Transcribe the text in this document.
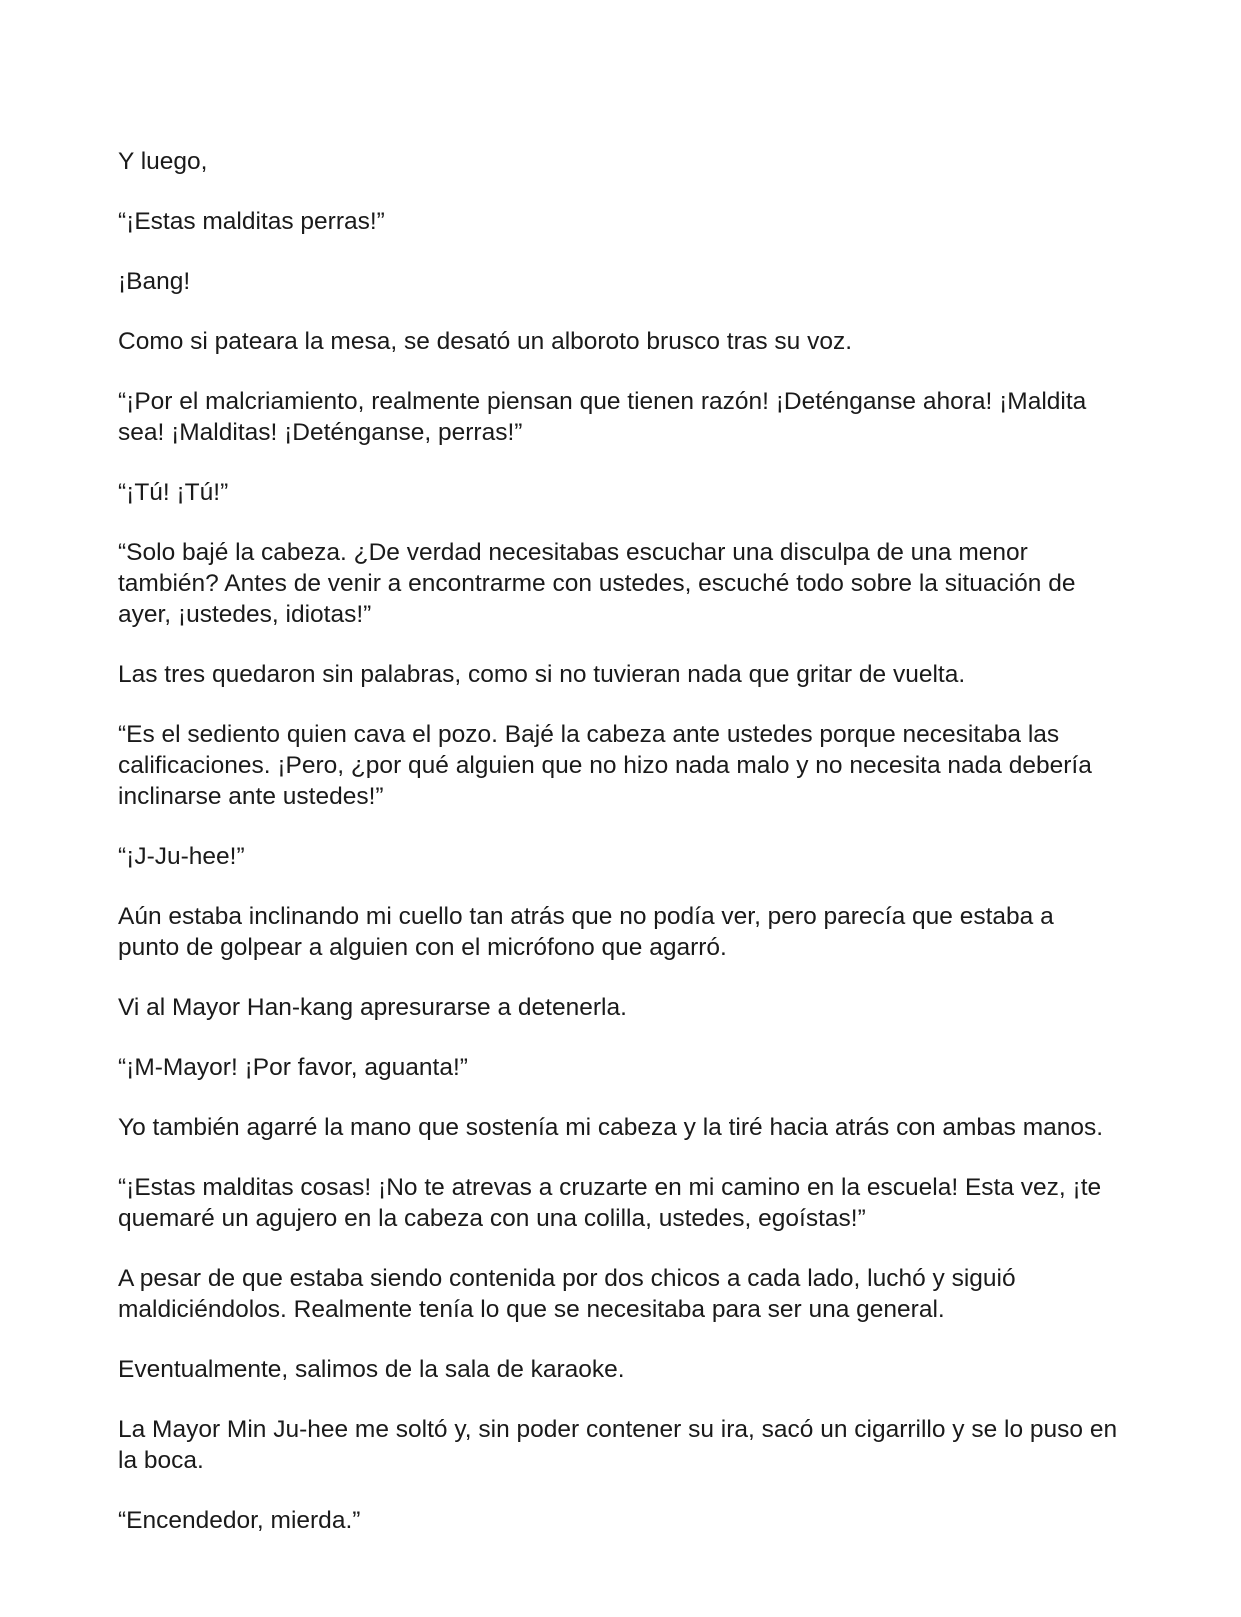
Y luego,

“¡Estas malditas perras!”

¡Bang!

Como si pateara la mesa, se desató un alboroto brusco tras su voz.

“¡Por el malcriamiento, realmente piensan que tienen razón! ¡Deténganse ahora! ¡Maldita sea! ¡Malditas! ¡Deténganse, perras!”

“¡Tú! ¡Tú!”

“Solo bajé la cabeza. ¿De verdad necesitabas escuchar una disculpa de una menor también? Antes de venir a encontrarme con ustedes, escuché todo sobre la situación de ayer, ¡ustedes, idiotas!”

Las tres quedaron sin palabras, como si no tuvieran nada que gritar de vuelta.

“Es el sediento quien cava el pozo. Bajé la cabeza ante ustedes porque necesitaba las calificaciones. ¡Pero, ¿por qué alguien que no hizo nada malo y no necesita nada debería inclinarse ante ustedes!”

“¡J-Ju-hee!”

Aún estaba inclinando mi cuello tan atrás que no podía ver, pero parecía que estaba a punto de golpear a alguien con el micrófono que agarró.

Vi al Mayor Han-kang apresurarse a detenerla.

“¡M-Mayor! ¡Por favor, aguanta!”

Yo también agarré la mano que sostenía mi cabeza y la tiré hacia atrás con ambas manos.

“¡Estas malditas cosas! ¡No te atrevas a cruzarte en mi camino en la escuela! Esta vez, ¡te quemaré un agujero en la cabeza con una colilla, ustedes, egoístas!”

A pesar de que estaba siendo contenida por dos chicos a cada lado, luchó y siguió maldiciéndolos. Realmente tenía lo que se necesitaba para ser una general.

Eventualmente, salimos de la sala de karaoke.

La Mayor Min Ju-hee me soltó y, sin poder contener su ira, sacó un cigarrillo y se lo puso en la boca.

“Encendedor, mierda.”
